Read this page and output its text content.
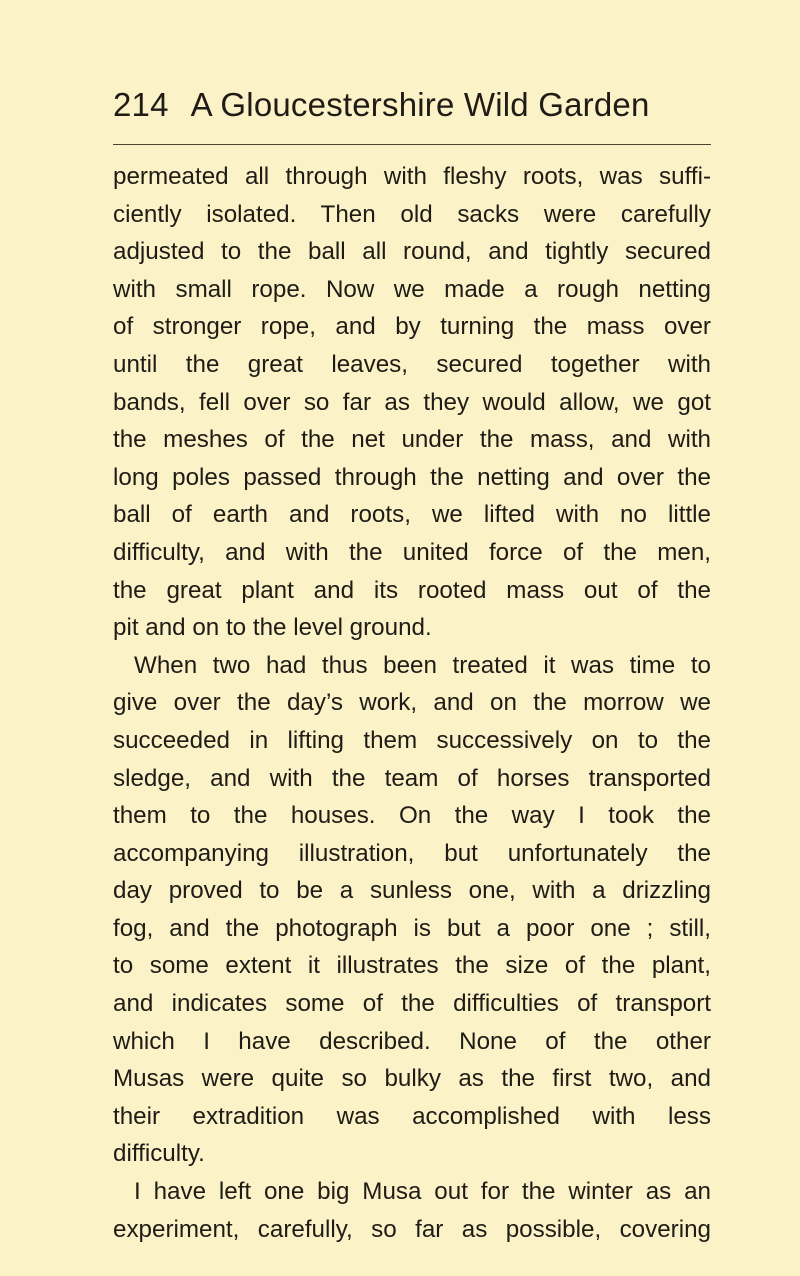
214 A Gloucestershire Wild Garden
permeated all through with fleshy roots, was suffi-
ciently isolated. Then old sacks were carefully
adjusted to the ball all round, and tightly secured
with small rope. Now we made a rough netting
of stronger rope, and by turning the mass over
until the great leaves, secured together with
bands, fell over so far as they would allow, we got
the meshes of the net under the mass, and with
long poles passed through the netting and over the
ball of earth and roots, we lifted with no little
difficulty, and with the united force of the men,
the great plant and its rooted mass out of the
pit and on to the level ground.
When two had thus been treated it was time to
give over the day’s work, and on the morrow we
succeeded in lifting them successively on to the
sledge, and with the team of horses transported
them to the houses. On the way I took the
accompanying illustration, but unfortunately the
day proved to be a sunless one, with a drizzling
fog, and the photograph is but a poor one ; still,
to some extent it illustrates the size of the plant,
and indicates some of the difficulties of transport
which I have described. None of the other
Musas were quite so bulky as the first two, and
their extradition was accomplished with less
difficulty.
I have left one big Musa out for the winter as an
experiment, carefully, so far as possible, covering
